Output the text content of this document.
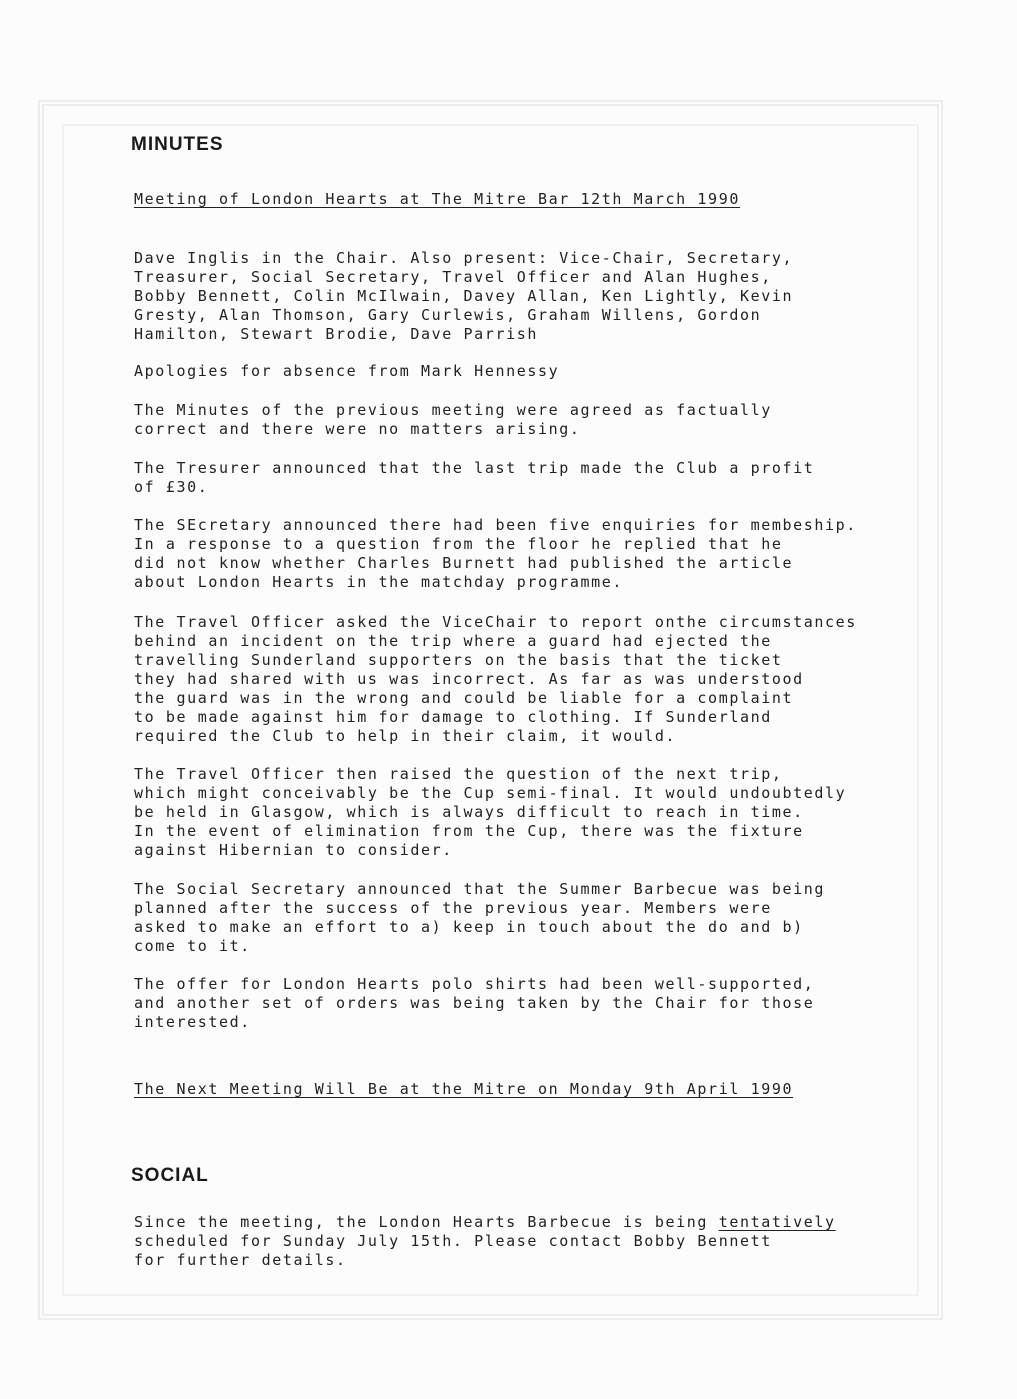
MINUTES
Meeting of London Hearts at The Mitre Bar 12th March 1990
Dave Inglis in the Chair. Also present: Vice-Chair, Secretary,
Treasurer, Social Secretary, Travel Officer and Alan Hughes,
Bobby Bennett, Colin McIlwain, Davey Allan, Ken Lightly, Kevin
Gresty, Alan Thomson, Gary Curlewis, Graham Willens, Gordon
Hamilton, Stewart Brodie, Dave Parrish
Apologies for absence from Mark Hennessy
The Minutes of the previous meeting were agreed as factually
correct and there were no matters arising.
The Tresurer announced that the last trip made the Club a profit
of £30.
The SEcretary announced there had been five enquiries for membeship.
In a response to a question from the floor he replied that he
did not know whether Charles Burnett had published the article
about London Hearts in the matchday programme.
The Travel Officer asked the ViceChair to report onthe circumstances
behind an incident on the trip where a guard had ejected the
travelling Sunderland supporters on the basis that the ticket
they had shared with us was incorrect. As far as was understood
the guard was in the wrong and could be liable for a complaint
to be made against him for damage to clothing. If Sunderland
required the Club to help in their claim, it would.
The Travel Officer then raised the question of the next trip,
which might conceivably be the Cup semi-final. It would undoubtedly
be held in Glasgow, which is always difficult to reach in time.
In the event of elimination from the Cup, there was the fixture
against Hibernian to consider.
The Social Secretary announced that the Summer Barbecue was being
planned after the success of the previous year. Members were
asked to make an effort to a) keep in touch about the do and b)
come to it.
The offer for London Hearts polo shirts had been well-supported,
and another set of orders was being taken by the Chair for those
interested.
The Next Meeting Will Be at the Mitre on Monday 9th April 1990
SOCIAL
Since the meeting, the London Hearts Barbecue is being tentatively
scheduled for Sunday July 15th. Please contact Bobby Bennett
for further details.
